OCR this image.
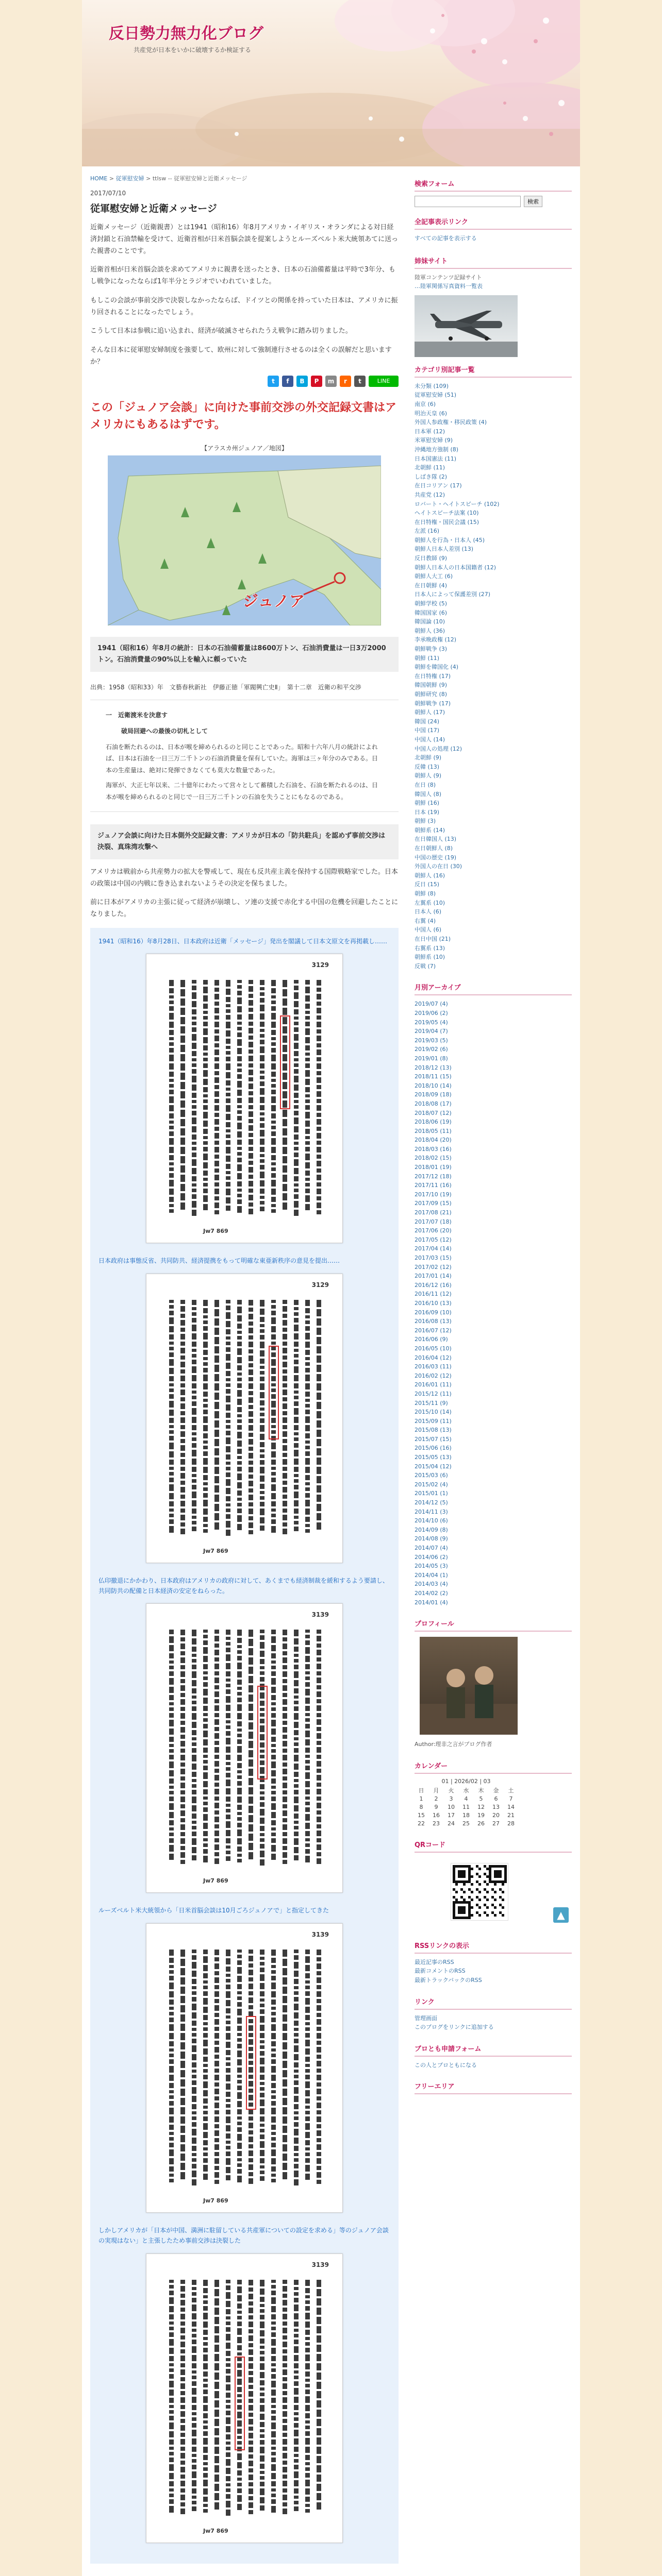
反日勢力無力化ブログ
共産党が日本をいかに破壊するか検証する
HOME > 従軍慰安婦 > ttlsw -- 従軍慰安婦と近衛メッセージ
2017/07/10
従軍慰安婦と近衛メッセージ

近衛メッセージ（近衛親書）とは1941（昭和16）年8月アメリカ・イギリス・オランダによる対日経済封鎖と石油禁輸を受けて、近衛首相が日米首脳会談を提案しようとルーズベルト米大統領あてに送った親書のことです。

近衛首相が日米首脳会談を求めてアメリカに親書を送ったとき、日本の石油備蓄量は平時で3年分、もし戦争になったならば1年半分とラジオでいわれていました。

もしこの会談が事前交渉で決裂しなかったならば、ドイツとの関係を持っていた日本は、アメリカに振り回されることになったでしょう。

こうして日本は参戦に追い込まれ、経済が破滅させられたうえ戦争に踏み切りました。

そんな日本に従軍慰安婦制度を強要して、欧州に対して強制連行させるのは全くの誤解だと思いますか？

t	f	B	P	m	r	t	LINE
この「ジュノア会談」に向けた事前交渉の外交記録文書はアメリカにもあるはずです。
【アラスカ州ジュノア／地図】
ジュノア
1941（昭和16）年8月の統計：日本の石油備蓄量は8600万トン、石油消費量は一日3万2000トン。石油消費量の90%以上を輸入に頼っていた
出典：1958（昭和33）年　文藝春秋新社　伊藤正徳「軍閥興亡史Ⅱ」　第十二章　近衛の和平交渉
一　近衛渡米を決意す
破局回避への最後の切札として

石油を断たれるのは、日本が喉を締められるのと同じことであった。昭和十六年八月の統計によれば、日本は石油を一日三万二千トンの石油消費量を保有していた。海軍は三ヶ年分のみである。日本の生産量は、絶対に発揮できなくても莫大な数量であった。

海軍が、大正七年以来、二十億年にわたって営々として蓄積した石油を、石油を断たれるのは、日本が喉を締められるのと同じで一日三万二千トンの石油を失うことにもなるのである。

ジュノア会談に向けた日本側外交記録文書：アメリカが日本の「防共駐兵」を認めず事前交渉は決裂、真珠湾攻撃へ

アメリカは戦前から共産勢力の拡大を警戒して、現在も反共産主義を保持する国際戦略家でした。日本の政策は中国の内戦に巻き込まれないようその決定を保ちました。

前に日本がアメリカの主張に従って経済が崩壊し、ソ連の支援で赤化する中国の危機を回避したことになりました。

1941（昭和16）年8月28日、日本政府は近衛「メッセージ」発出を閣議して日本文原文を再掲載し……
3129
Jw7 869
日本政府は事態反省、共同防共、経済提携をもって明確な東亜新秩序の意見を提出……
3129
Jw7 869
仏印撤退にかかわり、日本政府はアメリカの政府に対して、あくまでも経済制裁を緩和するよう要請し、共同防共の配備と日本経済の安定をねらった。
3139
Jw7 869
ルーズベルト米大統領から「日米首脳会談は10月ごろジュノアで」と指定してきた
3139
Jw7 869
しかしアメリカが「日本が中国、満洲に駐留している共産軍についての設定を求める」等のジュノア会談の実現はない」と主張したため事前交渉は決裂した
3139
Jw7 869
検索フォーム
検索
全記事表示リンク
すべての記事を表示する
姉妹サイト
陸軍コンテンツ記録サイト
…陸軍関係写真資料一覧表
カテゴリ別記事一覧
未分類 (109)
従軍慰安婦 (51)
南京 (6)
明治天皇 (6)
外国人参政権・移民政策 (4)
日本軍 (12)
米軍慰安婦 (9)
沖縄地方強制 (8)
日本国憲法 (11)
北朝鮮 (11)
しばき隊 (2)
在日コリアン (17)
共産党 (12)
ロバート・ヘイトスピーチ (102)
ヘイトスピーチ法案 (10)
在日特権・国民会議 (15)
左派 (16)
朝鮮人を行為・日本人 (45)
朝鮮人日本人差別 (13)
反日教師 (9)
朝鮮人日本人の日本国籍者 (12)
朝鮮人大工 (6)
在日朝鮮 (4)
日本人によって保護差別 (27)
朝鮮学校 (5)
韓国国家 (6)
韓国論 (10)
朝鮮人 (36)
李承晩政権 (12)
朝鮮戦争 (3)
朝鮮 (11)
朝鮮を韓国化 (4)
在日特権 (17)
韓国朝鮮 (9)
朝鮮研究 (8)
朝鮮戦争 (17)
朝鮮人 (17)
韓国 (24)
中国 (17)
中国人 (14)
中国人の処理 (12)
北朝鮮 (9)
反韓 (13)
朝鮮人 (9)
在日 (8)
韓国人 (8)
朝鮮 (16)
日本 (19)
朝鮮 (3)
朝鮮系 (14)
在日韓国人 (13)
在日朝鮮人 (8)
中国の歴史 (19)
外国人の在日 (30)
朝鮮人 (16)
反日 (15)
朝鮮 (8)
左翼系 (10)
日本人 (6)
右翼 (4)
中国人 (6)
在日中国 (21)
右翼系 (13)
朝鮮系 (10)
反戦 (7)
月別アーカイブ
2019/07 (4)
2019/06 (2)
2019/05 (4)
2019/04 (7)
2019/03 (5)
2019/02 (6)
2019/01 (8)
2018/12 (13)
2018/11 (15)
2018/10 (14)
2018/09 (18)
2018/08 (17)
2018/07 (12)
2018/06 (19)
2018/05 (11)
2018/04 (20)
2018/03 (16)
2018/02 (15)
2018/01 (19)
2017/12 (18)
2017/11 (16)
2017/10 (19)
2017/09 (15)
2017/08 (21)
2017/07 (18)
2017/06 (20)
2017/05 (12)
2017/04 (14)
2017/03 (15)
2017/02 (12)
2017/01 (14)
2016/12 (16)
2016/11 (12)
2016/10 (13)
2016/09 (10)
2016/08 (13)
2016/07 (12)
2016/06 (9)
2016/05 (10)
2016/04 (12)
2016/03 (11)
2016/02 (12)
2016/01 (11)
2015/12 (11)
2015/11 (9)
2015/10 (14)
2015/09 (11)
2015/08 (13)
2015/07 (15)
2015/06 (16)
2015/05 (13)
2015/04 (12)
2015/03 (6)
2015/02 (4)
2015/01 (1)
2014/12 (5)
2014/11 (3)
2014/10 (6)
2014/09 (8)
2014/08 (9)
2014/07 (4)
2014/06 (2)
2014/05 (3)
2014/04 (1)
2014/03 (4)
2014/02 (2)
2014/01 (4)
プロフィール
Author:理非之言がブログ作者
カレンダー
01 | 2026/02 | 03
日	月	火	水	木	金	土
1	2	3	4	5	6	7
8	9	10	11	12	13	14
15	16	17	18	19	20	21
22	23	24	25	26	27	28
QRコード
RSSリンクの表示
最近記事のRSS
最新コメントのRSS
最新トラックバックのRSS
リンク
管理画面
このブログをリンクに追加する
ブロとも申請フォーム
この人とブロともになる
フリーエリア
▲
